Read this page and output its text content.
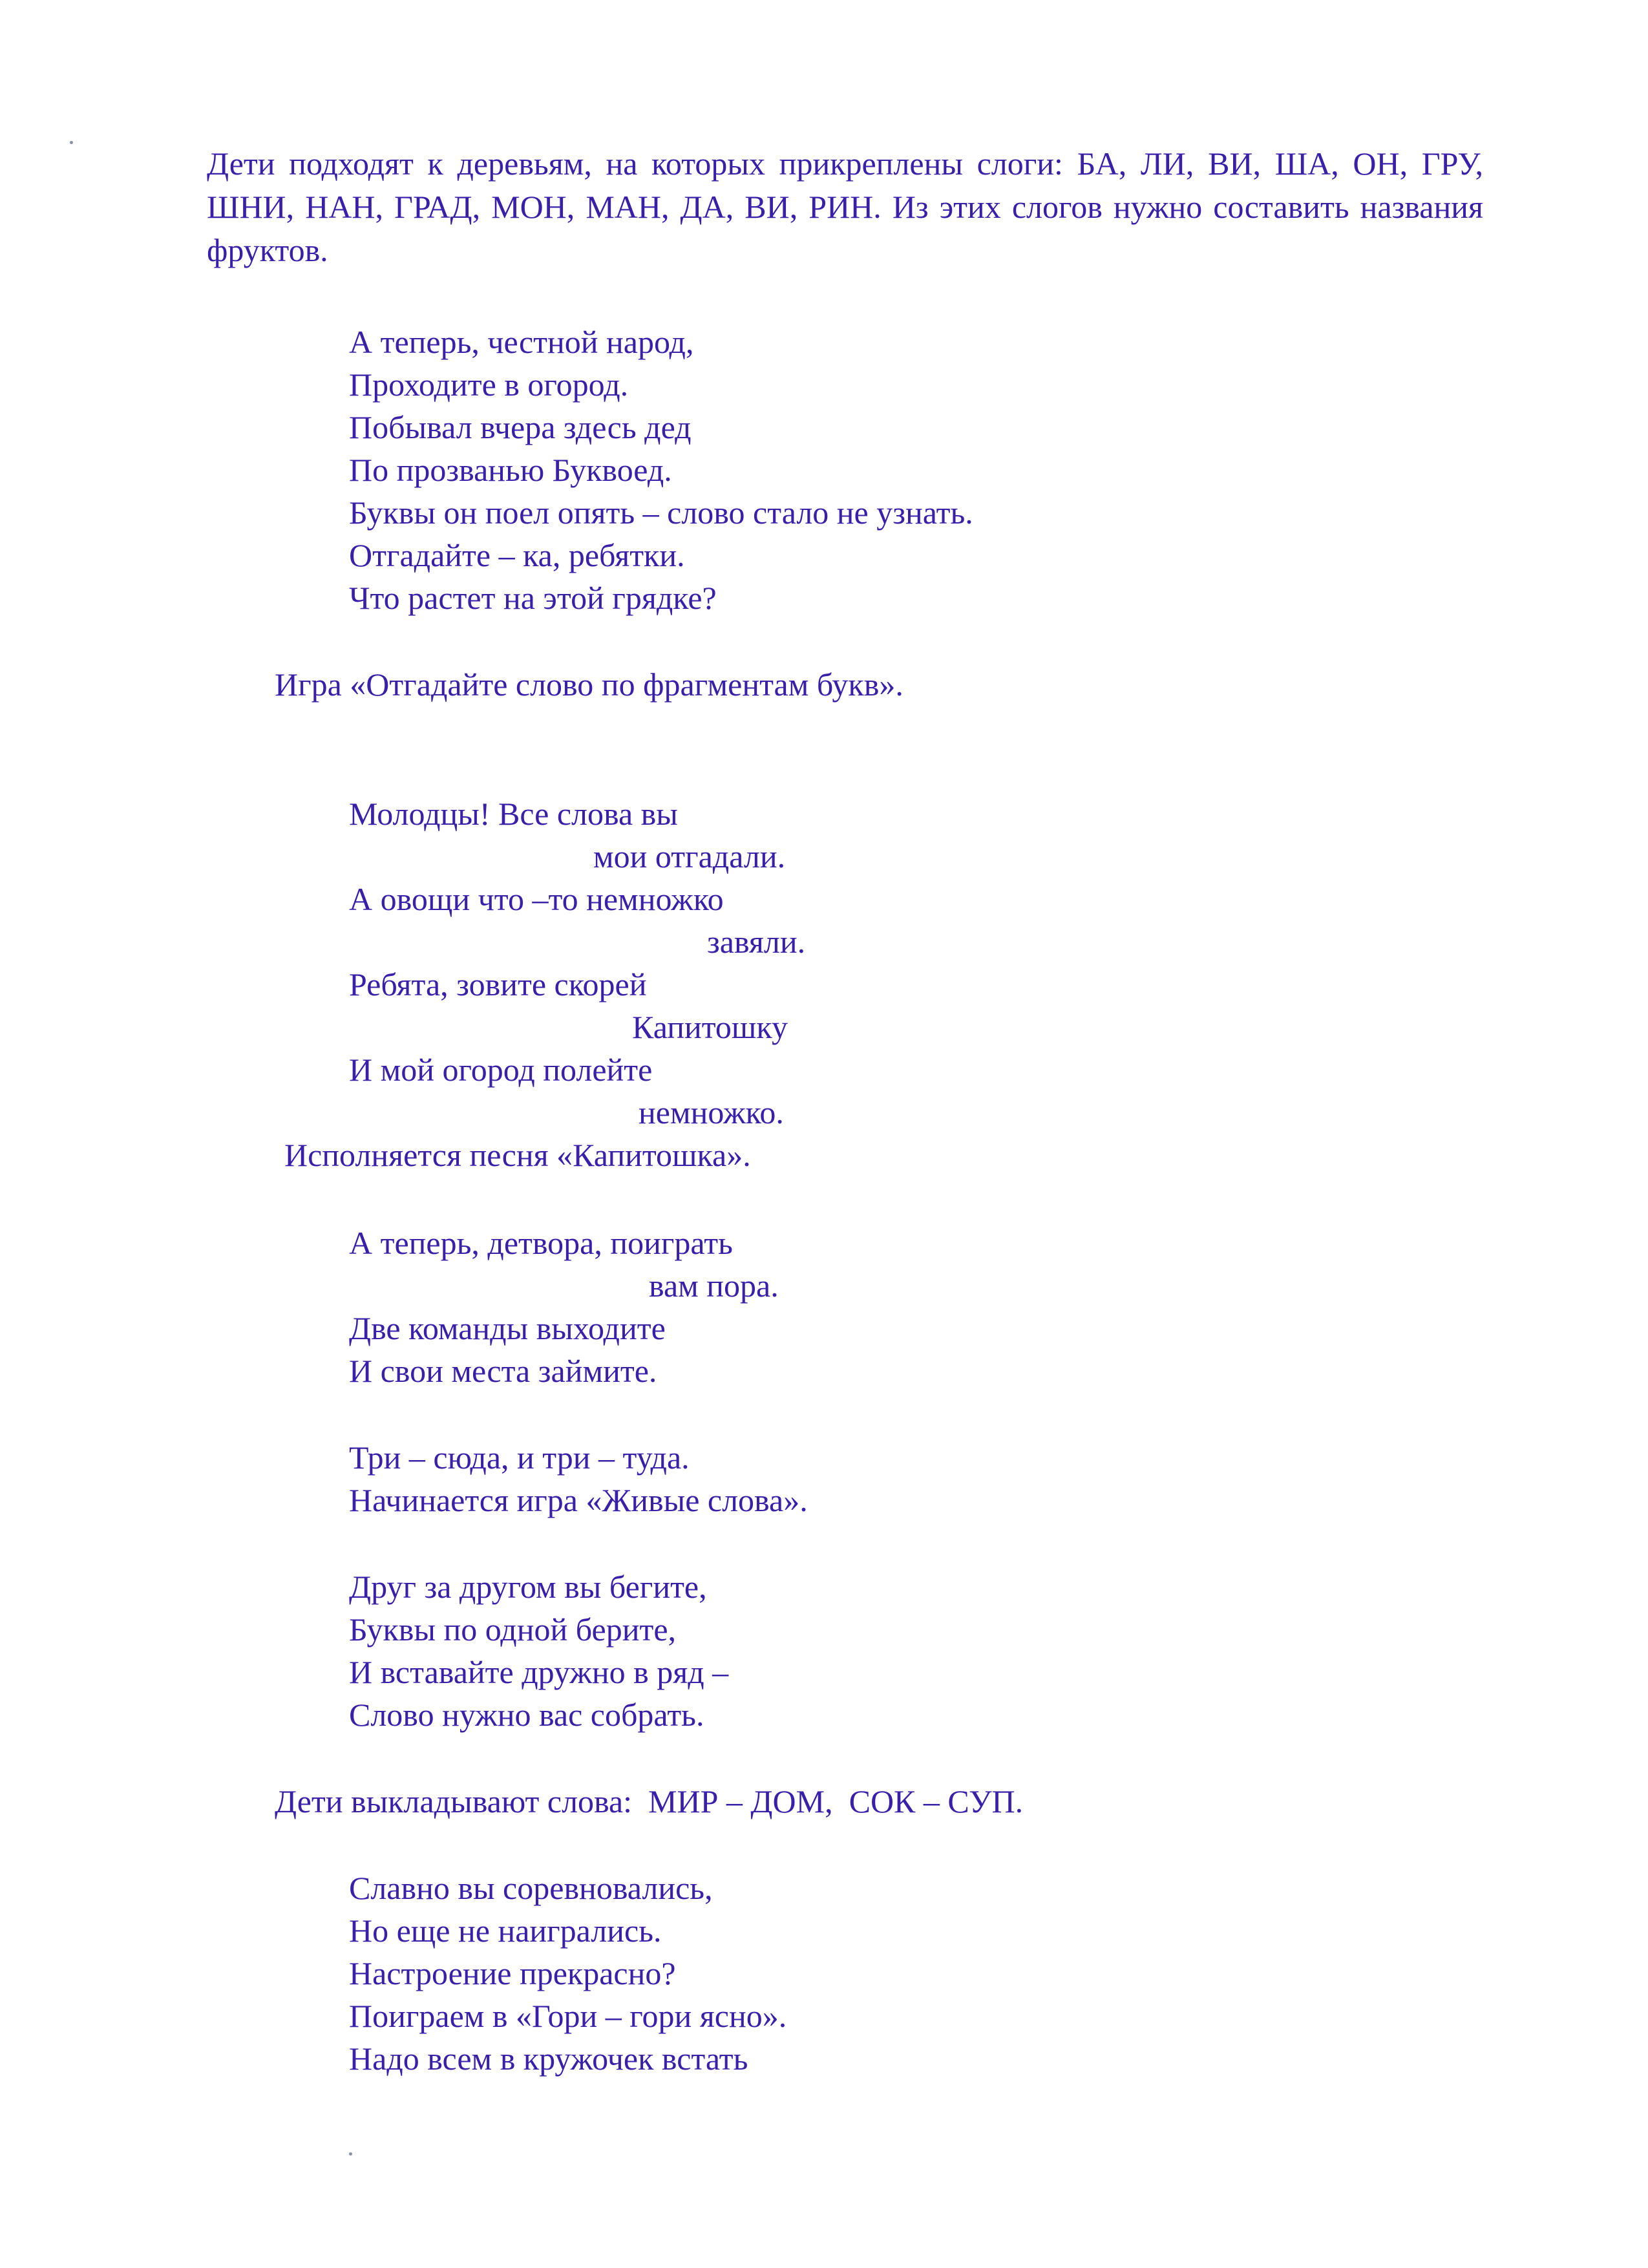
Дети подходят к деревьям, на которых прикреплены слоги: БА, ЛИ, ВИ, ША, ОН, ГРУ, ШНИ, НАН, ГРАД, МОН, МАН, ДА, ВИ, РИН. Из этих слогов нужно составить названия фруктов.

А теперь, честной народ,

Проходите в огород.

Побывал вчера здесь дед

По прозванью Буквоед.

Буквы он поел опять – слово стало не узнать.

Отгадайте – ка, ребятки.

Что растет на этой грядке?

Игра «Отгадайте слово по фрагментам букв».

Молодцы! Все слова вы

мои отгадали.

А овощи что –то немножко

завяли.

Ребята, зовите скорей

Капитошку

И мой огород полейте

немножко.

Исполняется песня «Капитошка».

А теперь, детвора, поиграть

вам пора.

Две команды выходите

И свои места займите.

Три – сюда, и три – туда.

Начинается игра «Живые слова».

Друг за другом вы бегите,

Буквы по одной берите,

И вставайте дружно в ряд –

Слово нужно вас собрать.

Дети выкладывают слова:  МИР – ДОМ,  СОК – СУП.

Славно вы соревновались,

Но еще не наигрались.

Настроение прекрасно?

Поиграем в «Гори – гори ясно».

Надо всем в кружочек встать
